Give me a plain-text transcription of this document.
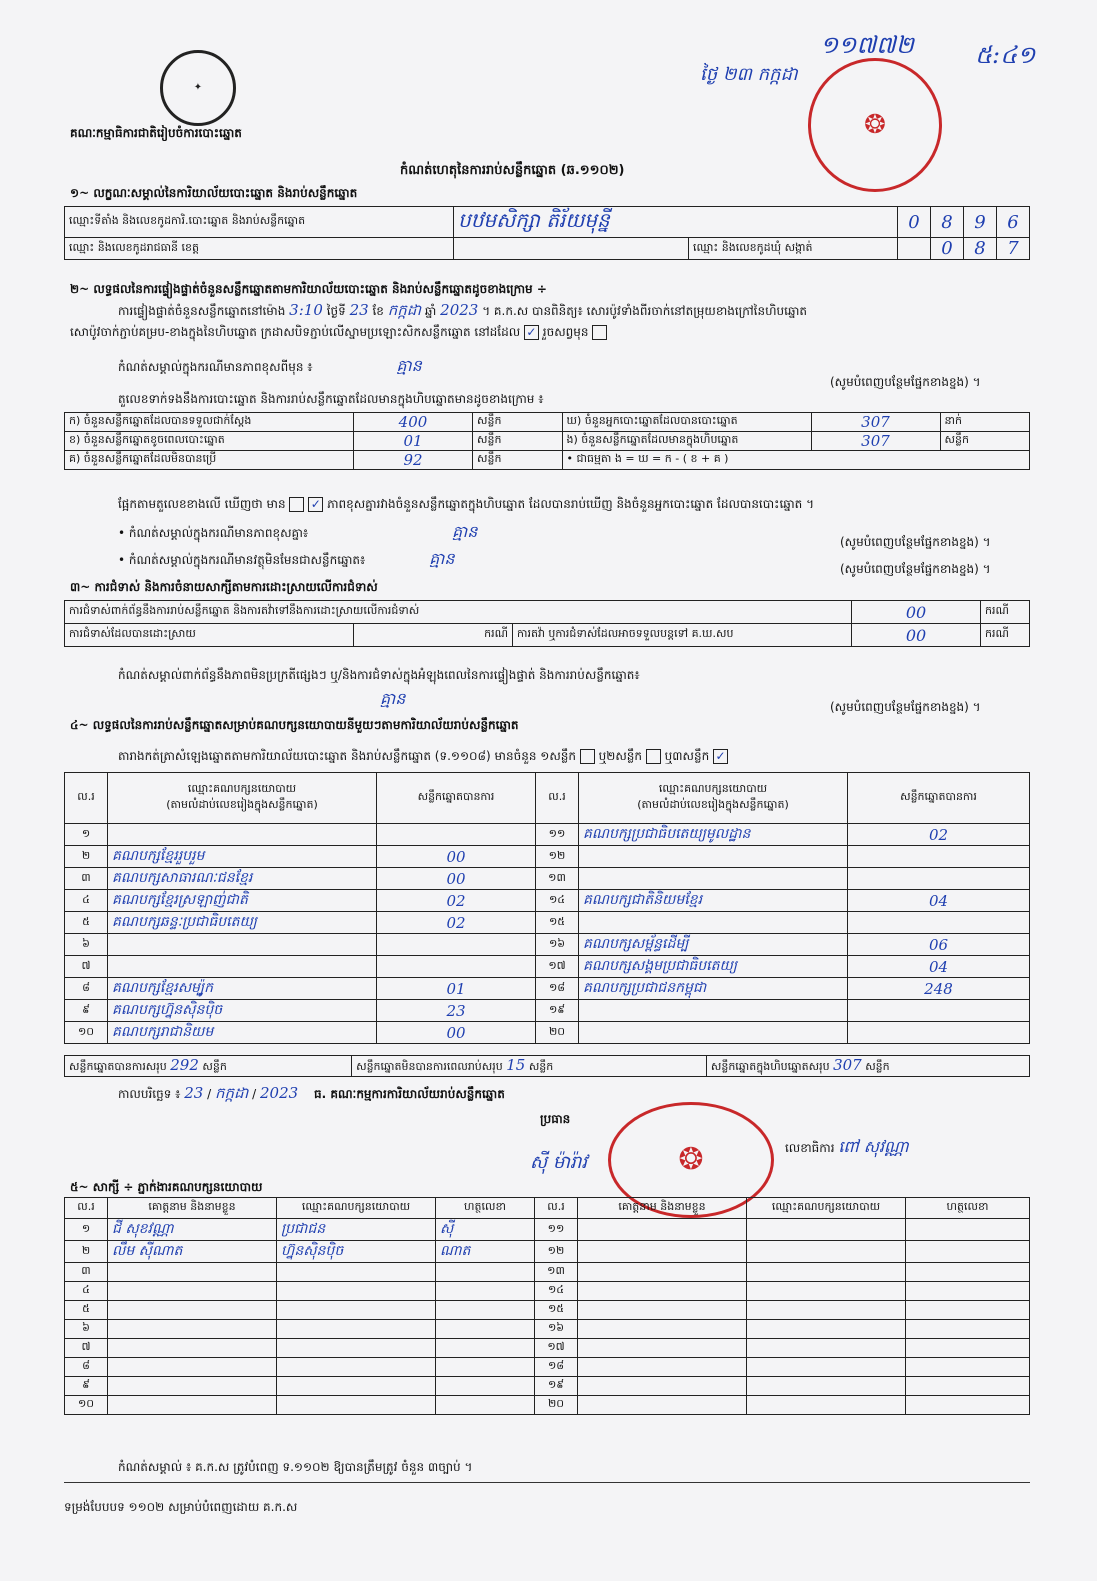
✦
គណៈកម្មាធិការជាតិរៀបចំការបោះឆ្នោត
១១៧៧២	៥:៤១
ថ្ងៃ ២៣ កក្កដា
❂
កំណត់ហេតុនៃការរាប់សន្លឹកឆ្នោត (ឆ.១១០២)
១~ លក្ខណៈសម្គាល់នៃការិយាល័យបោះឆ្នោត និងរាប់សន្លឹកឆ្នោត
ឈ្មោះទីតាំង និងលេខកូដការិ.បោះឆ្នោត និងរាប់សន្លឹកឆ្នោត	បឋមសិក្សា តិរ័យមុន្នី		0	8	9	6
ឈ្មោះ និងលេខកូដរាជធានី ខេត្ត		ឈ្មោះ និងលេខកូដឃុំ សង្កាត់		0	8	7
២~ លទ្ធផលនៃការផ្ទៀងផ្ទាត់ចំនួនសន្លឹកឆ្នោតតាមការិយាល័យបោះឆ្នោត និងរាប់សន្លឹកឆ្នោតដូចខាងក្រោម ÷
ការផ្ទៀងផ្ទាត់ចំនួនសន្លឹកឆ្នោតនៅម៉ោង 3:10 ថ្ងៃទី 23 ខែ កក្កដា ឆ្នាំ 2023 ។ គ.ក.ស បានពិនិត្យ៖ សោរប៉ូវទាំងពីរចាក់នៅតម្រុយខាងក្រៅនៃហិបឆ្នោត
សោប៉ូវចាក់ភ្ជាប់គម្រប-ខាងក្នុងនៃហិបឆ្នោត ក្រដាសបិទភ្ជាប់លើស្នាមប្រឡោះសិកសន្លឹកឆ្នោត នៅដដែល ✓ រួចសព្វមុន
កំណត់សម្គាល់ក្នុងករណីមានភាពខុសពីមុន ៖	គ្មាន
(សូមបំពេញបន្ថែមផ្នែកខាងខ្នង) ។
តួលេខទាក់ទងនឹងការបោះឆ្នោត និងការរាប់សន្លឹកឆ្នោតដែលមានក្នុងហិបឆ្នោតមានដូចខាងក្រោម ៖
ក) ចំនួនសន្លឹកឆ្នោតដែលបានទទួលជាក់ស្តែង	400	សន្លឹក	ឃ) ចំនួនអ្នកបោះឆ្នោតដែលបានបោះឆ្នោត	307	នាក់
ខ) ចំនួនសន្លឹកឆ្នោតខូចពេលបោះឆ្នោត	01	សន្លឹក	ង) ចំនួនសន្លឹកឆ្នោតដែលមានក្នុងហិបឆ្នោត	307	សន្លឹក
គ) ចំនួនសន្លឹកឆ្នោតដែលមិនបានប្រើ	92	សន្លឹក	• ជាធម្មតា ង = ឃ = ក - ( ខ + គ )		
ផ្អែកតាមតួលេខខាងលើ ឃើញថា មាន ✓ ភាពខុសគ្នារវាងចំនួនសន្លឹកឆ្នោតក្នុងហិបឆ្នោត ដែលបានរាប់ឃើញ និងចំនួនអ្នកបោះឆ្នោត ដែលបានបោះឆ្នោត ។
• កំណត់សម្គាល់ក្នុងករណីមានភាពខុសគ្នា៖	គ្មាន
(សូមបំពេញបន្ថែមផ្នែកខាងខ្នង) ។
• កំណត់សម្គាល់ក្នុងករណីមានវត្ថុមិនមែនជាសន្លឹកឆ្នោត៖	គ្មាន
(សូមបំពេញបន្ថែមផ្នែកខាងខ្នង) ។
៣~ ការជំទាស់ និងការចំនាយសាក្សីតាមការដោះស្រាយលើការជំទាស់
ការជំទាស់ពាក់ព័ន្ធនឹងការរាប់សន្លឹកឆ្នោត និងការតវ៉ាទៅនឹងការដោះស្រាយលើការជំទាស់			00	ករណី
ការជំទាស់ដែលបានដោះស្រាយ	ករណី	ការតវ៉ា ឬការជំទាស់ដែលអាចទទួលបន្តទៅ គ.ឃ.សប	00	ករណី
កំណត់សម្គាល់ពាក់ព័ន្ធនឹងភាពមិនប្រក្រតីផ្សេងៗ ឬ/និងការជំទាស់ក្នុងអំឡុងពេលនៃការផ្ទៀងផ្ទាត់ និងការរាប់សន្លឹកឆ្នោត៖
គ្មាន	(សូមបំពេញបន្ថែមផ្នែកខាងខ្នង) ។
៤~ លទ្ធផលនៃការរាប់សន្លឹកឆ្នោតសម្រាប់គណបក្សនយោបាយនីមួយៗតាមការិយាល័យរាប់សន្លឹកឆ្នោត
តារាងកត់ត្រាសំឡេងឆ្នោតតាមការិយាល័យបោះឆ្នោត និងរាប់សន្លឹកឆ្នោត (ទ.១១០៨) មានចំនួន ១សន្លឹក ឬ២សន្លឹក ឬ៣សន្លឹក ✓
ល.រ	ឈ្មោះគណបក្សនយោបាយ
(តាមលំដាប់លេខរៀងក្នុងសន្លឹកឆ្នោត)	សន្លឹកឆ្នោតបានការ	ល.រ	ឈ្មោះគណបក្សនយោបាយ
(តាមលំដាប់លេខរៀងក្នុងសន្លឹកឆ្នោត)	សន្លឹកឆ្នោតបានការ
១			១១	គណបក្សប្រជាធិបតេយ្យមូលដ្ឋាន	02
២	គណបក្សខ្មែររួបរួម	00	១២		
៣	គណបក្សសាធារណៈជនខ្មែរ	00	១៣		
៤	គណបក្សខ្មែរស្រឡាញ់ជាតិ	02	១៤	គណបក្សជាតិនិយមខ្មែរ	04
៥	គណបក្សឆន្ទៈប្រជាធិបតេយ្យ	02	១៥		
៦			១៦	គណបក្សសម្ព័ន្ធដើម្បី	06
៧			១៧	គណបក្សសង្គមប្រជាធិបតេយ្យ	04
៨	គណបក្សខ្មែរសម្ប៉ូក	01	១៨	គណបក្សប្រជាជនកម្ពុជា	248
៩	គណបក្សហ្វ៊ុនស៊ិនប៉ិច	23	១៩		
១០	គណបក្សរាជានិយម	00	២០		
សន្លឹកឆ្នោតបានការសរុប 292 សន្លឹក	សន្លឹកឆ្នោតមិនបានការពេលរាប់សរុប 15 សន្លឹក	សន្លឹកឆ្នោតក្នុងហិបឆ្នោតសរុប 307 សន្លឹក
កាលបរិច្ឆេទ ៖ 23 / កក្កដា / 2023 ធ. គណៈកម្មការការិយាល័យរាប់សន្លឹកឆ្នោត
ប្រធាន
ស៊ី ម៉ារ៉ាវ	❂	លេខាធិការ ពៅ សុវណ្ណា
៥~ សាក្សី ÷ ភ្នាក់ងារគណបក្សនយោបាយ
ល.រ	គោត្តនាម និងនាមខ្លួន	ឈ្មោះគណបក្សនយោបាយ	ហត្ថលេខា	ល.រ	គោត្តនាម និងនាមខ្លួន	ឈ្មោះគណបក្សនយោបាយ	ហត្ថលេខា
១	ជី សុខវណ្ណា	ប្រជាជន	ស៊ី	១១			
២	លឹម ស៊ីណាត	ហ្វ៊ុនស៊ិនប៉ិច	ណាត	១២			
៣				១៣			
៤				១៤			
៥				១៥			
៦				១៦			
៧				១៧			
៨				១៨			
៩				១៩			
១០				២០			
កំណត់សម្គាល់ ៖ គ.ក.ស ត្រូវបំពេញ ទ.១១០២ ឱ្យបានត្រឹមត្រូវ ចំនួន ៣ច្បាប់ ។
ទម្រង់បែបបទ ១១០២ សម្រាប់បំពេញដោយ គ.ក.ស
